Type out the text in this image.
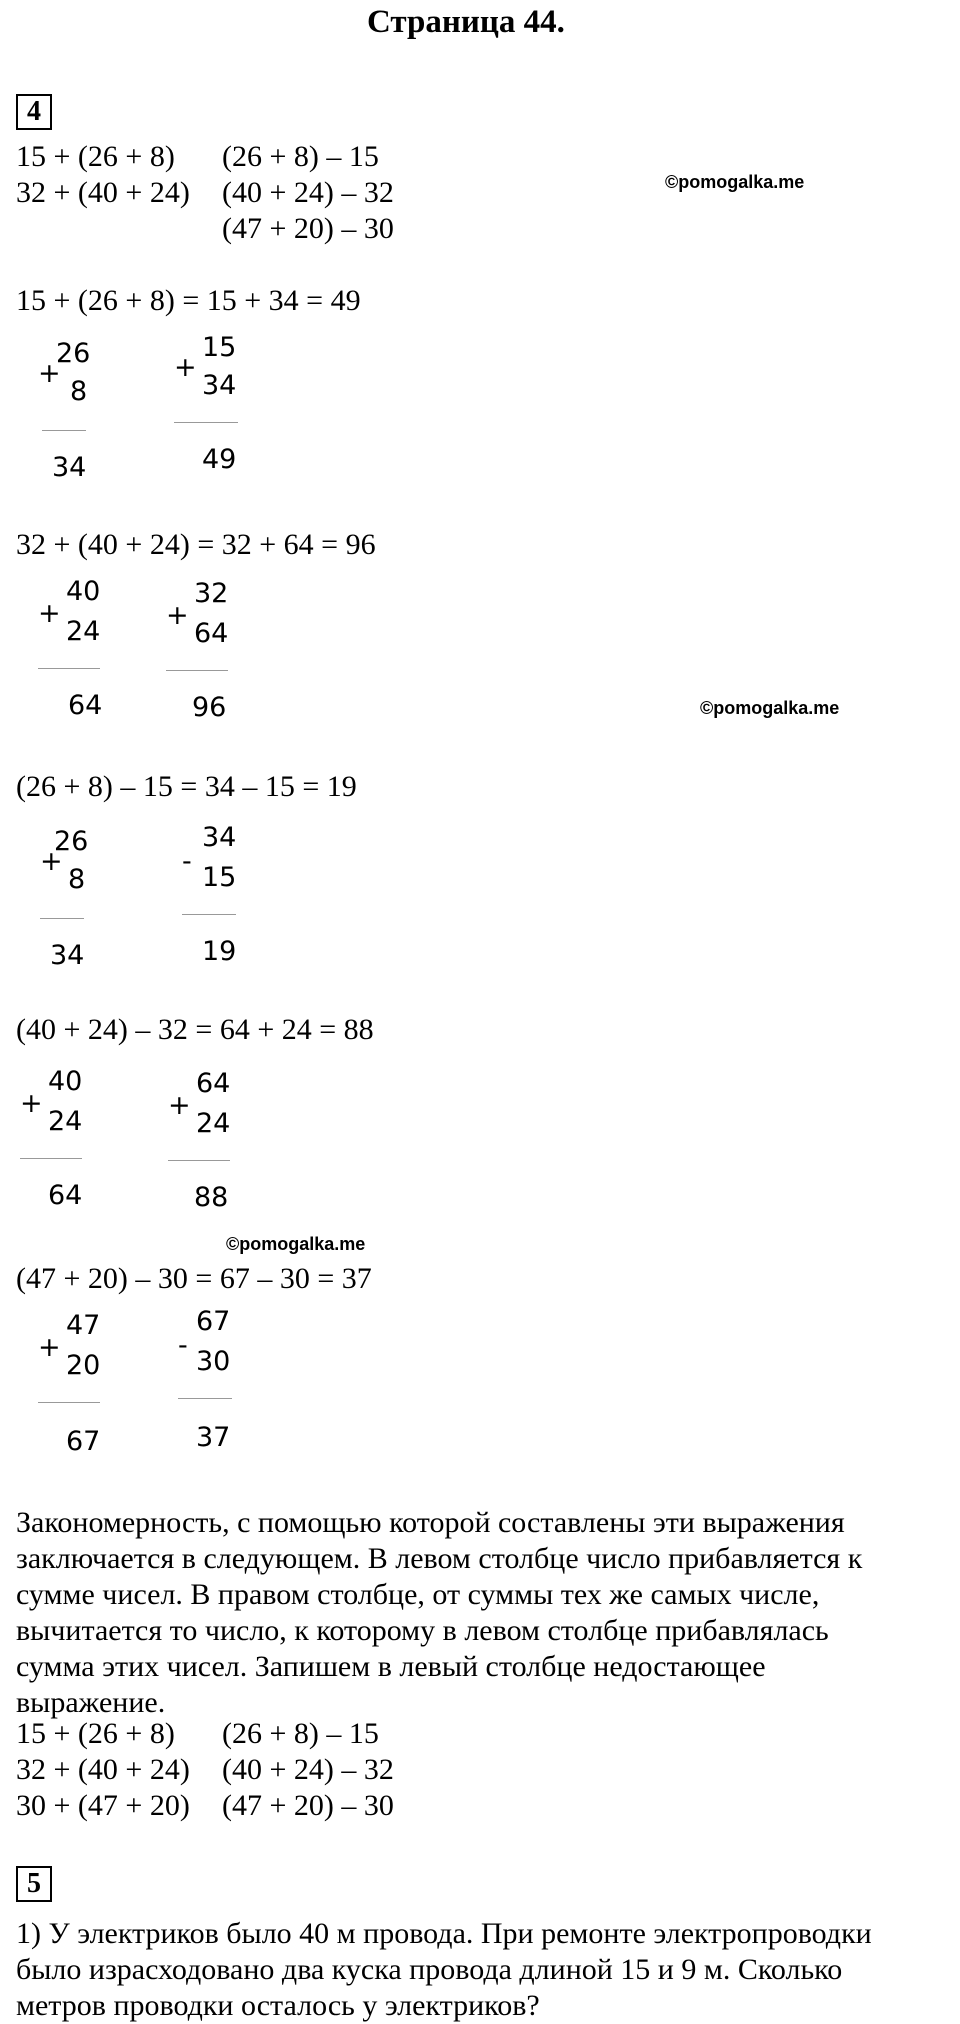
Страница 44.
4
15 + (26 + 8) (26 + 8) – 15
32 + (40 + 24) (40 + 24) – 32
(47 + 20) – 30
©pomogalka.me
15 + (26 + 8) = 15 + 34 = 49
+
26
8
34
+
15
34
49
32 + (40 + 24) = 32 + 64 = 96
+
40
24
64
+
32
64
96	©pomogalka.me
(26 + 8) – 15 = 34 – 15 = 19
+
26
8
34
-
34
15
19
(40 + 24) – 32 = 64 + 24 = 88
+
40
24
64
+
64
24
88
©pomogalka.me
(47 + 20) – 30 = 67 – 30 = 37
+
47
20
67
-
67
30
37
Закономерность, с помощью которой составлены эти выражения
заключается в следующем. В левом столбце число прибавляется к
сумме чисел. В правом столбце, от суммы тех же самых числе,
вычитается то число, к которому в левом столбце прибавлялась
сумма этих чисел. Запишем в левый столбце недостающее
выражение.
15 + (26 + 8) (26 + 8) – 15
32 + (40 + 24) (40 + 24) – 32
30 + (47 + 20) (47 + 20) – 30
5
1) У электриков было 40 м провода. При ремонте электропроводки
было израсходовано два куска провода длиной 15 и 9 м. Сколько
метров проводки осталось у электриков?
